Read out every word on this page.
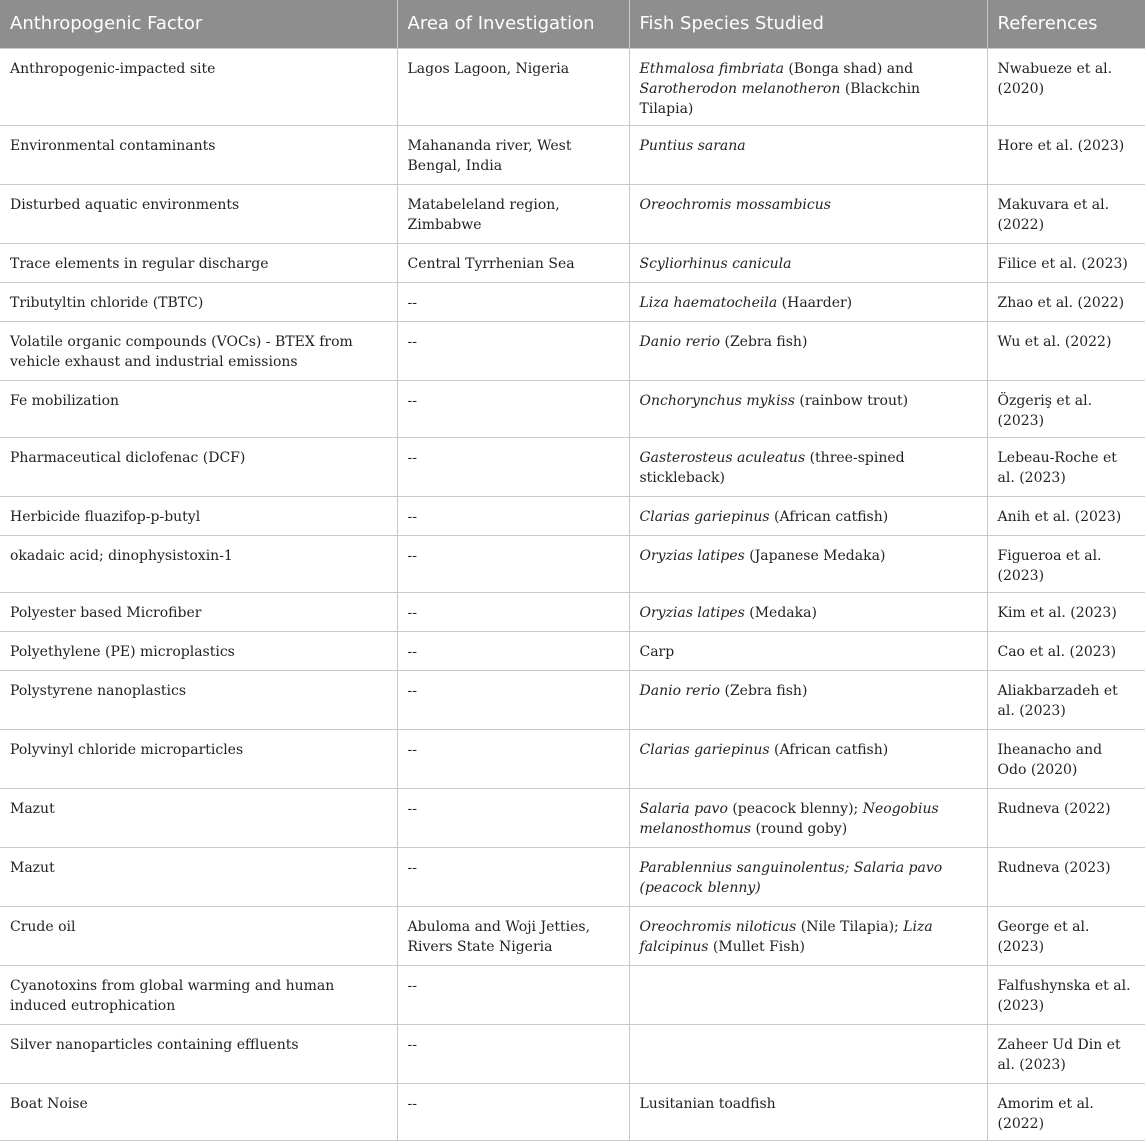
Anthropogenic Factor	Area of Investigation	Fish Species Studied	References
Anthropogenic-impacted site	Lagos Lagoon, Nigeria	Ethmalosa fimbriata (Bonga shad) and Sarotherodon melanotheron (Blackchin Tilapia)	Nwabueze et al. (2020)
Environmental contaminants	Mahananda river, West Bengal, India	Puntius sarana	Hore et al. (2023)
Disturbed aquatic environments	Matabeleland region, Zimbabwe	Oreochromis mossambicus	Makuvara et al. (2022)
Trace elements in regular discharge	Central Tyrrhenian Sea	Scyliorhinus canicula	Filice et al. (2023)
Tributyltin chloride (TBTC)	--	Liza haematocheila (Haarder)	Zhao et al. (2022)
Volatile organic compounds (VOCs) - BTEX from vehicle exhaust and industrial emissions	--	Danio rerio (Zebra fish)	Wu et al. (2022)
Fe mobilization	--	Onchorynchus mykiss (rainbow trout)	Özgeriş et al. (2023)
Pharmaceutical diclofenac (DCF)	--	Gasterosteus aculeatus (three-spined stickleback)	Lebeau-Roche et al. (2023)
Herbicide fluazifop-p-butyl	--	Clarias gariepinus (African catfish)	Anih et al. (2023)
okadaic acid; dinophysistoxin-1	--	Oryzias latipes (Japanese Medaka)	Figueroa et al. (2023)
Polyester based Microfiber	--	Oryzias latipes (Medaka)	Kim et al. (2023)
Polyethylene (PE) microplastics	--	Carp	Cao et al. (2023)
Polystyrene nanoplastics	--	Danio rerio (Zebra fish)	Aliakbarzadeh et al. (2023)
Polyvinyl chloride microparticles	--	Clarias gariepinus (African catfish)	Iheanacho and Odo (2020)
Mazut	--	Salaria pavo (peacock blenny); Neogobius melanosthomus (round goby)	Rudneva (2022)
Mazut	--	Parablennius sanguinolentus; Salaria pavo (peacock blenny)	Rudneva (2023)
Crude oil	Abuloma and Woji Jetties, Rivers State Nigeria	Oreochromis niloticus (Nile Tilapia); Liza falcipinus (Mullet Fish)	George et al. (2023)
Cyanotoxins from global warming and human induced eutrophication	--		Falfushynska et al. (2023)
Silver nanoparticles containing effluents	--		Zaheer Ud Din et al. (2023)
Boat Noise	--	Lusitanian toadfish	Amorim et al. (2022)
